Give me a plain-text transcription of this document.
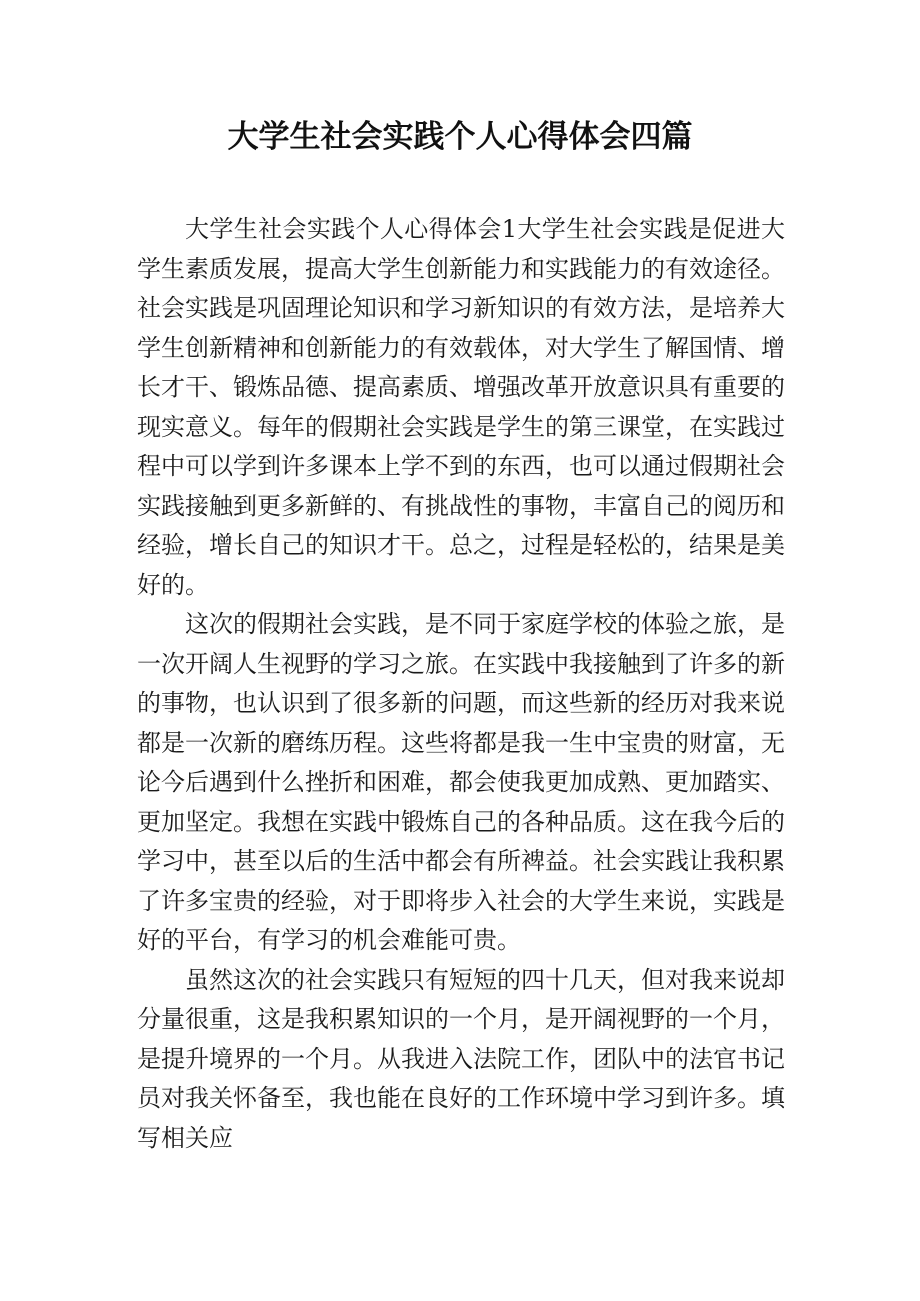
大学生社会实践个人心得体会四篇

大学生社会实践个人心得体会1大学生社会实践是促进大学生素质发展，提高大学生创新能力和实践能力的有效途径。社会实践是巩固理论知识和学习新知识的有效方法，是培养大学生创新精神和创新能力的有效载体，对大学生了解国情、增长才干、锻炼品德、提高素质、增强改革开放意识具有重要的现实意义。每年的假期社会实践是学生的第三课堂，在实践过程中可以学到许多课本上学不到的东西，也可以通过假期社会实践接触到更多新鲜的、有挑战性的事物，丰富自己的阅历和经验，增长自己的知识才干。总之，过程是轻松的，结果是美好的。

这次的假期社会实践，是不同于家庭学校的体验之旅，是一次开阔人生视野的学习之旅。在实践中我接触到了许多的新的事物，也认识到了很多新的问题，而这些新的经历对我来说都是一次新的磨练历程。这些将都是我一生中宝贵的财富，无论今后遇到什么挫折和困难，都会使我更加成熟、更加踏实、更加坚定。我想在实践中锻炼自己的各种品质。这在我今后的学习中，甚至以后的生活中都会有所裨益。社会实践让我积累了许多宝贵的经验，对于即将步入社会的大学生来说，实践是好的平台，有学习的机会难能可贵。

虽然这次的社会实践只有短短的四十几天，但对我来说却分量很重，这是我积累知识的一个月，是开阔视野的一个月，是提升境界的一个月。从我进入法院工作，团队中的法官书记员对我关怀备至，我也能在良好的工作环境中学习到许多。填写相关应
